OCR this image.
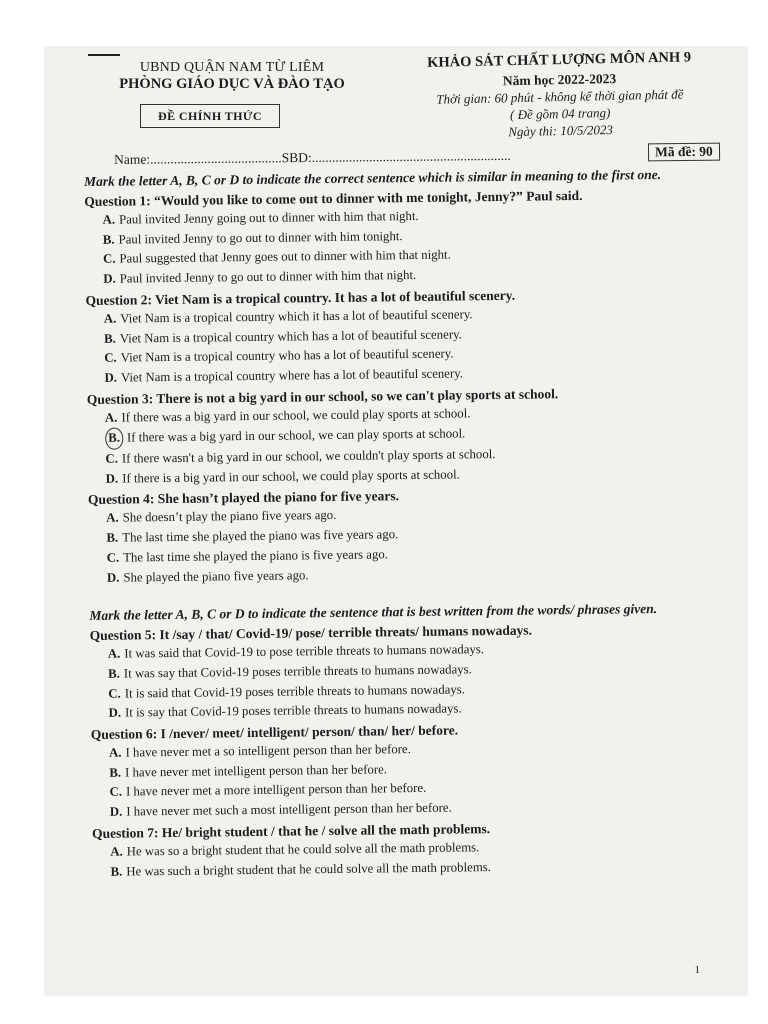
UBND QUẬN NAM TỪ LIÊM
PHÒNG GIÁO DỤC VÀ ĐÀO TẠO
ĐỀ CHÍNH THỨC
KHẢO SÁT CHẤT LƯỢNG MÔN ANH 9
Năm học 2022-2023
Thời gian: 60 phút - không kể thời gian phát đề
( Đề gồm 04 trang)
Ngày thi: 10/5/2023
Name:.......................................SBD:...........................................................	Mã đề: 90
Mark the letter A, B, C or D to indicate the correct sentence which is similar in meaning to the first one.
Question 1: “Would you like to come out to dinner with me tonight, Jenny?” Paul said.
A. Paul invited Jenny going out to dinner with him that night.
B. Paul invited Jenny to go out to dinner with him tonight.
C. Paul suggested that Jenny goes out to dinner with him that night.
D. Paul invited Jenny to go out to dinner with him that night.
Question 2: Viet Nam is a tropical country. It has a lot of beautiful scenery.
A. Viet Nam is a tropical country which it has a lot of beautiful scenery.
B. Viet Nam is a tropical country which has a lot of beautiful scenery.
C. Viet Nam is a tropical country who has a lot of beautiful scenery.
D. Viet Nam is a tropical country where has a lot of beautiful scenery.
Question 3: There is not a big yard in our school, so we can't play sports at school.
A. If there was a big yard in our school, we could play sports at school.
B. If there was a big yard in our school, we can play sports at school.
C. If there wasn't a big yard in our school, we couldn't play sports at school.
D. If there is a big yard in our school, we could play sports at school.
Question 4: She hasn’t played the piano for five years.
A. She doesn’t play the piano five years ago.
B. The last time she played the piano was five years ago.
C. The last time she played the piano is five years ago.
D. She played the piano five years ago.
Mark the letter A, B, C or D to indicate the sentence that is best written from the words/ phrases given.
Question 5: It /say / that/ Covid-19/ pose/ terrible threats/ humans nowadays.
A. It was said that Covid-19 to pose terrible threats to humans nowadays.
B. It was say that Covid-19 poses terrible threats to humans nowadays.
C. It is said that Covid-19 poses terrible threats to humans nowadays.
D. It is say that Covid-19 poses terrible threats to humans nowadays.
Question 6: I /never/ meet/ intelligent/ person/ than/ her/ before.
A. I have never met a so intelligent person than her before.
B. I have never met intelligent person than her before.
C. I have never met a more intelligent person than her before.
D. I have never met such a most intelligent person than her before.
Question 7: He/ bright student / that he / solve all the math problems.
A. He was so a bright student that he could solve all the math problems.
B. He was such a bright student that he could solve all the math problems.
1
